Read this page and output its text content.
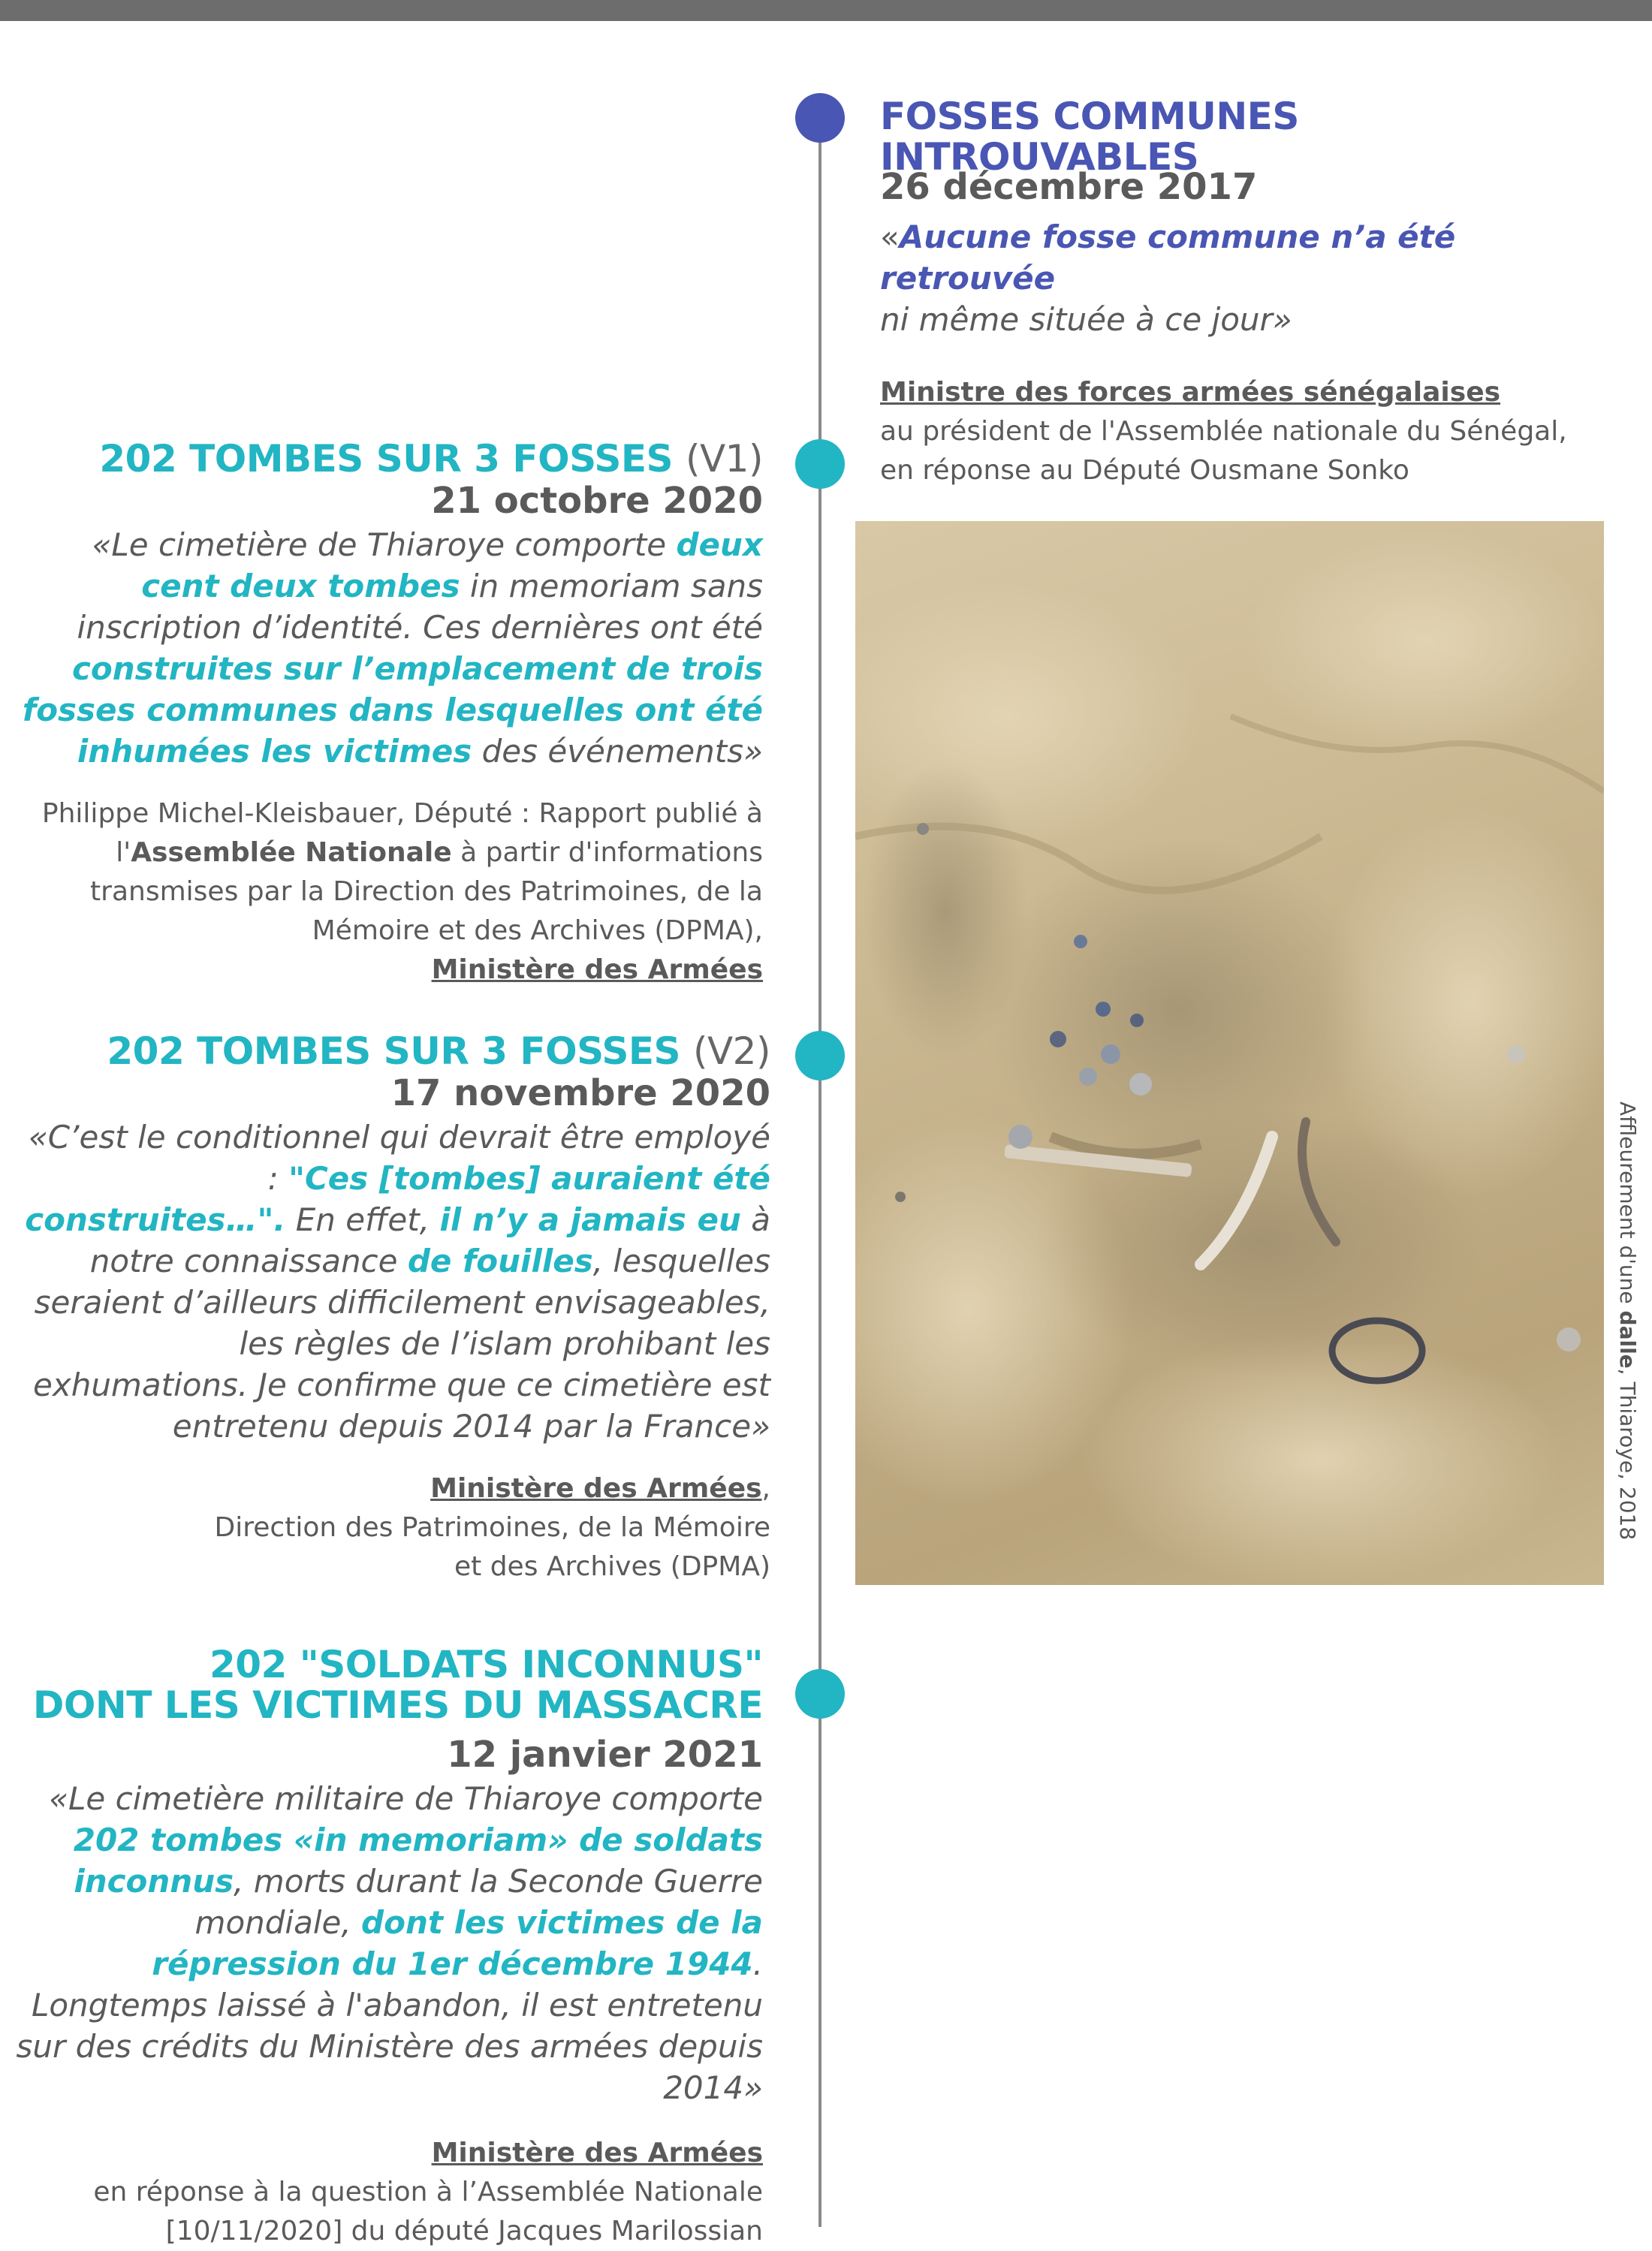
FOSSES COMMUNES
INTROUVABLES
26 décembre 2017
«Aucune fosse commune n’a été retrouvée
ni même située à ce jour»
Ministre des forces armées sénégalaises
au président de l'Assemblée nationale du Sénégal,
en réponse au Député Ousmane Sonko
202 TOMBES SUR 3 FOSSES (V1)
21 octobre 2020
«Le cimetière de Thiaroye comporte deux cent deux tombes in memoriam sans inscription d’identité. Ces dernières ont été construites sur l’emplacement de trois fosses communes dans lesquelles ont été inhumées les victimes des événements»
Philippe Michel-Kleisbauer, Député : Rapport publié à l'Assemblée Nationale à partir d'informations transmises par la Direction des Patrimoines, de la Mémoire et des Archives (DPMA),
Ministère des Armées
202 TOMBES SUR 3 FOSSES (V2)
17 novembre 2020
«C’est le conditionnel qui devrait être employé : "Ces [tombes] auraient été construites…". En effet, il n’y a jamais eu à notre connaissance de fouilles, lesquelles seraient d’ailleurs difficilement envisageables, les règles de l’islam prohibant les exhumations. Je confirme que ce cimetière est entretenu depuis 2014 par la France»
Ministère des Armées,
Direction des Patrimoines, de la Mémoire
et des Archives (DPMA)
202 "SOLDATS INCONNUS"
DONT LES VICTIMES DU MASSACRE
12 janvier 2021
«Le cimetière militaire de Thiaroye comporte 202 tombes «in memoriam» de soldats inconnus, morts durant la Seconde Guerre mondiale, dont les victimes de la répression du 1er décembre 1944. Longtemps laissé à l'abandon, il est entretenu sur des crédits du Ministère des armées depuis 2014»
Ministère des Armées
en réponse à la question à l’Assemblée Nationale
[10/11/2020] du député Jacques Marilossian
Affleurement d'une dalle, Thiaroye, 2018
